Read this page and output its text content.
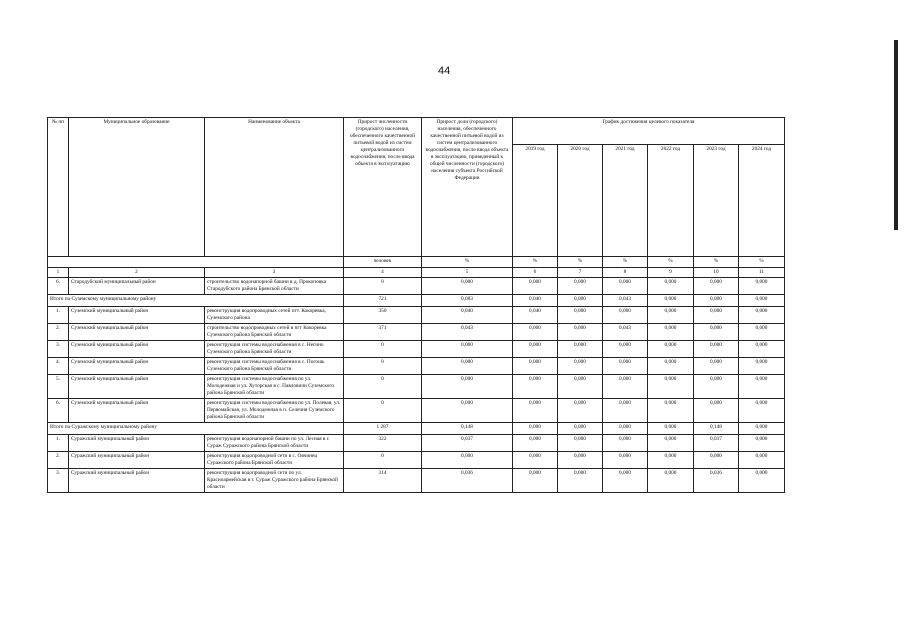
44
№ пп	Муниципальное образование	Наименование объекта	Прирост численности (городского) населения, обеспеченного качественной питьевой водой из систем централизованного водоснабжения, после ввода объекта в эксплуатацию	Прирост доли (городского) населения, обеспеченного качественной питьевой водой из систем централизованного водоснабжения, после ввода объекта в эксплуатацию, приведенный к общей численности (городского) населения субъекта Российской Федерации	График достижения целевого показателя					
					2019 год	2020 год	2021 год	2022 год	2023 год	2024 год
			человек	%	%	%	%	%	%	%
1	2	3	4	5	6	7	8	9	10	11
6.	Стародубский муниципальный район	строительство водонапорной башни в д. Прокоповка Стародубского района Брянской области	0	0,000	0,000	0,000	0,000	0,000	0,000	0,000
Итого по Суземскому муниципальному району			721	0,083	0,040	0,000	0,043	0,000	0,000	0,000
1.	Суземский муниципальный район	реконструкция водопроводных сетей пгт. Кокоревка, Суземского района	350	0,040	0,040	0,000	0,000	0,000	0,000	0,000
2.	Суземский муниципальный район	строительство водопроводных сетей в пгт Кокоревка Суземского района Брянской области	371	0,043	0,000	0,000	0,043	0,000	0,000	0,000
3.	Суземский муниципальный район	реконструкция системы водоснабжения в с. Негино Суземского района Брянской области	0	0,000	0,000	0,000	0,000	0,000	0,000	0,000
4.	Суземский муниципальный район	реконструкция системы водоснабжения в с. Погошь Суземского района Брянской области	0	0,000	0,000	0,000	0,000	0,000	0,000	0,000
5.	Суземский муниципальный район	реконструкция системы водоснабжения по ул. Молодежная и ул. Хуторская в с. Павловичи Суземского района Брянской области	0	0,000	0,000	0,000	0,000	0,000	0,000	0,000
6.	Суземский муниципальный район	реконструкция системы водоснабжения по ул. Полевая, ул. Первомайская, ул. Молодежная в п. Селечня Суземского района Брянской области	0	0,000	0,000	0,000	0,000	0,000	0,000	0,000
Итого по Суражскому муниципальному району			1 287	0,148	0,000	0,000	0,000	0,000	0,148	0,000
1.	Суражский муниципальный район	реконструкция водонапорной башни по ул. Лесная в г. Сураж Суражского района Брянской области	322	0,037	0,000	0,000	0,000	0,000	0,037	0,000
2.	Суражский муниципальный район	реконструкция водопроводной сети в с. Овчинец Суражского района Брянской области	0	0,000	0,000	0,000	0,000	0,000	0,000	0,000
3.	Суражский муниципальный район	реконструкция водопроводной сети по ул. Красноармейская в г. Сураж Суражского района Брянской области	314	0,036	0,000	0,000	0,000	0,000	0,036	0,000
